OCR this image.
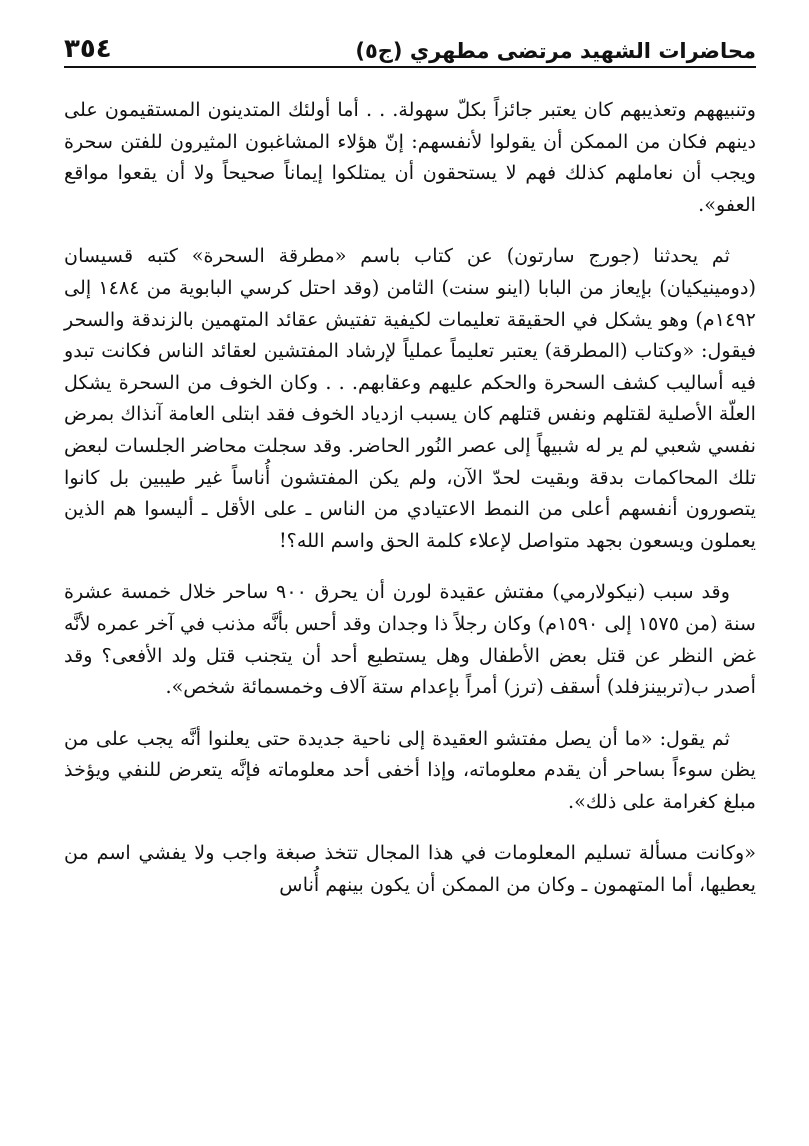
محاضرات الشهيد مرتضى مطهري (ج٥)
٣٥٤

وتنبيههم وتعذيبهم كان يعتبر جائزاً بكلّ سهولة. . . أما أولئك المتدينون المستقيمون على دينهم فكان من الممكن أن يقولوا لأنفسهم: إنّ هؤلاء المشاغبون المثيرون للفتن سحرة ويجب أن نعاملهم كذلك فهم لا يستحقون أن يمتلكوا إيماناً صحيحاً ولا أن يقعوا مواقع العفو».

ثم يحدثنا (جورج سارتون) عن كتاب باسم «مطرقة السحرة» كتبه قسيسان (دومينيكيان) بإيعاز من البابا (اينو سنت) الثامن (وقد احتل كرسي البابوية من ١٤٨٤ إلى ١٤٩٢م) وهو يشكل في الحقيقة تعليمات لكيفية تفتيش عقائد المتهمين بالزندقة والسحر فيقول: «وكتاب (المطرقة) يعتبر تعليماً عملياً لإرشاد المفتشين لعقائد الناس فكانت تبدو فيه أساليب كشف السحرة والحكم عليهم وعقابهم. . . وكان الخوف من السحرة يشكل العلّة الأصلية لقتلهم ونفس قتلهم كان يسبب ازدياد الخوف فقد ابتلى العامة آنذاك بمرض نفسي شعبي لم ير له شبيهاً إلى عصر النُور الحاضر. وقد سجلت محاضر الجلسات لبعض تلك المحاكمات بدقة وبقيت لحدّ الآن، ولم يكن المفتشون أُناساً غير طيبين بل كانوا يتصورون أنفسهم أعلى من النمط الاعتيادي من الناس ـ على الأقل ـ أليسوا هم الذين يعملون ويسعون بجهد متواصل لإعلاء كلمة الحق واسم الله؟!

وقد سبب (نيكولارمي) مفتش عقيدة لورن أن يحرق ٩٠٠ ساحر خلال خمسة عشرة سنة (من ١٥٧٥ إلى ١٥٩٠م) وكان رجلاً ذا وجدان وقد أحس بأنَّه مذنب في آخر عمره لأنَّه غض النظر عن قتل بعض الأطفال وهل يستطيع أحد أن يتجنب قتل ولد الأفعى؟ وقد أصدر ب(تربينزفلد) أسقف (ترز) أمراً بإعدام ستة آلاف وخمسمائة شخص».

ثم يقول: «ما أن يصل مفتشو العقيدة إلى ناحية جديدة حتى يعلنوا أنَّه يجب على من يظن سوءاً بساحر أن يقدم معلوماته، وإذا أخفى أحد معلوماته فإنَّه يتعرض للنفي ويؤخذ مبلغ كغرامة على ذلك».

«وكانت مسألة تسليم المعلومات في هذا المجال تتخذ صبغة واجب ولا يفشي اسم من يعطيها، أما المتهمون ـ وكان من الممكن أن يكون بينهم أُناس
